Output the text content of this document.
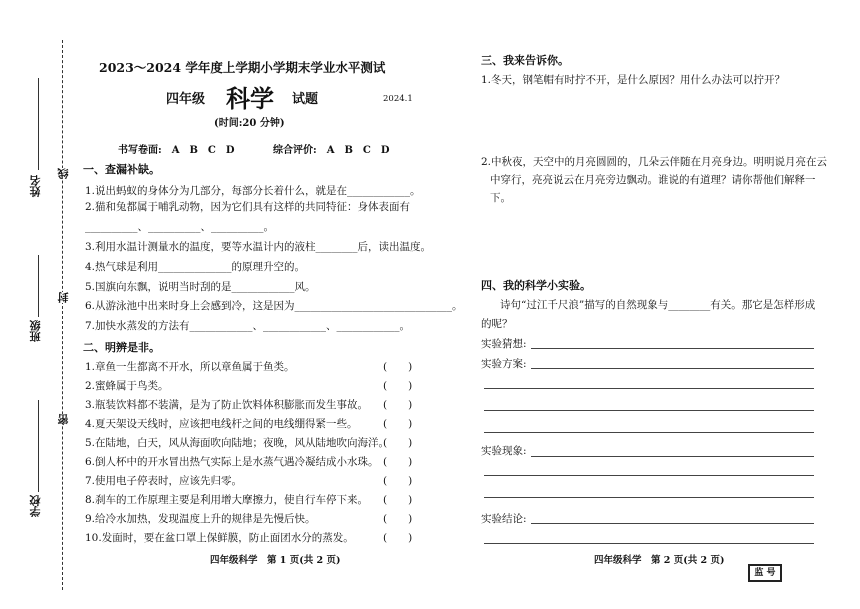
姓名
班级
学校
线
封
密
2023～2024 学年度上学期小学期末学业水平测试
四年级 科学 试题	2024.1
(时间:20 分钟)
书写卷面:　A　B　C　D	综合评价:　A　B　C　D
一、查漏补缺。
1.说出蚂蚁的身体分为几部分，每部分长着什么，就是在____________。
2.猫和兔都属于哺乳动物，因为它们具有这样的共同特征：身体表面有
__________、__________、__________。
3.利用水温计测量水的温度，要等水温计内的液柱________后，读出温度。
4.热气球是利用______________的原理升空的。
5.国旗向东飘，说明当时刮的是____________风。
6.从游泳池中出来时身上会感到冷，这是因为______________________________。
7.加快水蒸发的方法有____________、____________、____________。
二、明辨是非。
1.章鱼一生都离不开水，所以章鱼属于鱼类。	(　　)
2.蜜蜂属于鸟类。	(　　)
3.瓶装饮料都不装满，是为了防止饮料体积膨胀而发生事故。 (　　)
4.夏天架设天线时，应该把电线杆之间的电线绷得紧一些。 (　　)
5.在陆地，白天，风从海面吹向陆地；夜晚，风从陆地吹向海洋。
(　　)
6.倒人杯中的开水冒出热气实际上是水蒸气遇冷凝结成小水珠。 (　　)
7.使用电子停表时，应该先归零。	(　　)
8.刹车的工作原理主要是利用增大摩擦力，使自行车停下来。 (　　)
9.给冷水加热，发现温度上升的规律是先慢后快。	(　　)
10.发面时，要在盆口罩上保鲜膜，防止面团水分的蒸发。	(　　)
四年级科学　第 1 页(共 2 页)
三、我来告诉你。
1.冬天，钢笔帽有时拧不开，是什么原因？用什么办法可以拧开？
2.中秋夜，天空中的月亮圆圆的，几朵云伴随在月亮身边。明明说月亮在云
中穿行，亮亮说云在月亮旁边飘动。谁说的有道理？请你帮他们解释一
下。
四、我的科学小实验。
诗句“过江千尺浪”描写的自然现象与________有关。那它是怎样形成
的呢？
实验猜想:
实验方案:
实验现象:
实验结论:
四年级科学　第 2 页(共 2 页)
监 号
